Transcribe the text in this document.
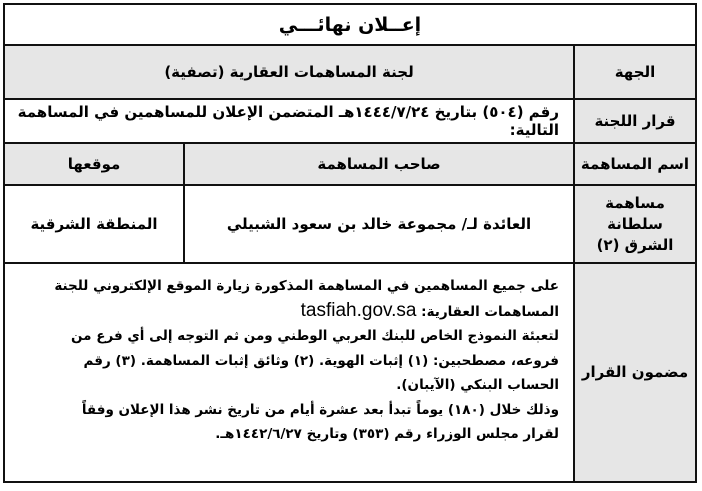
إعــلان نهائـــي
الجهة
لجنة المساهمات العقارية (تصفية)
قرار اللجنة
رقم (٥٠٤) بتاريخ ١٤٤٤/٧/٢٤هـ المتضمن الإعلان للمساهمين في المساهمة التالية:
اسم المساهمة
صاحب المساهمة
موقعها
مساهمة سلطانة الشرق (٢)
العائدة لـ/ مجموعة خالد بن سعود الشبيلي
المنطقة الشرقية
مضمون القرار

على جميع المساهمين في المساهمة المذكورة زيارة الموقع الإلكتروني للجنة

المساهمات العقارية: tasfiah.gov.sa

لتعبئة النموذج الخاص للبنك العربي الوطني ومن ثم التوجه إلى أي فرع من

فروعه، مصطحبين: (١) إثبات الهوية. (٢) وثائق إثبات المساهمة. (٣) رقم

الحساب البنكي (الآيبان).

وذلك خلال (١٨٠) يوماً تبدأ بعد عشرة أيام من تاريخ نشر هذا الإعلان وفقاً

لقرار مجلس الوزراء رقم (٣٥٣) وتاريخ ١٤٤٢/٦/٢٧هـ.
